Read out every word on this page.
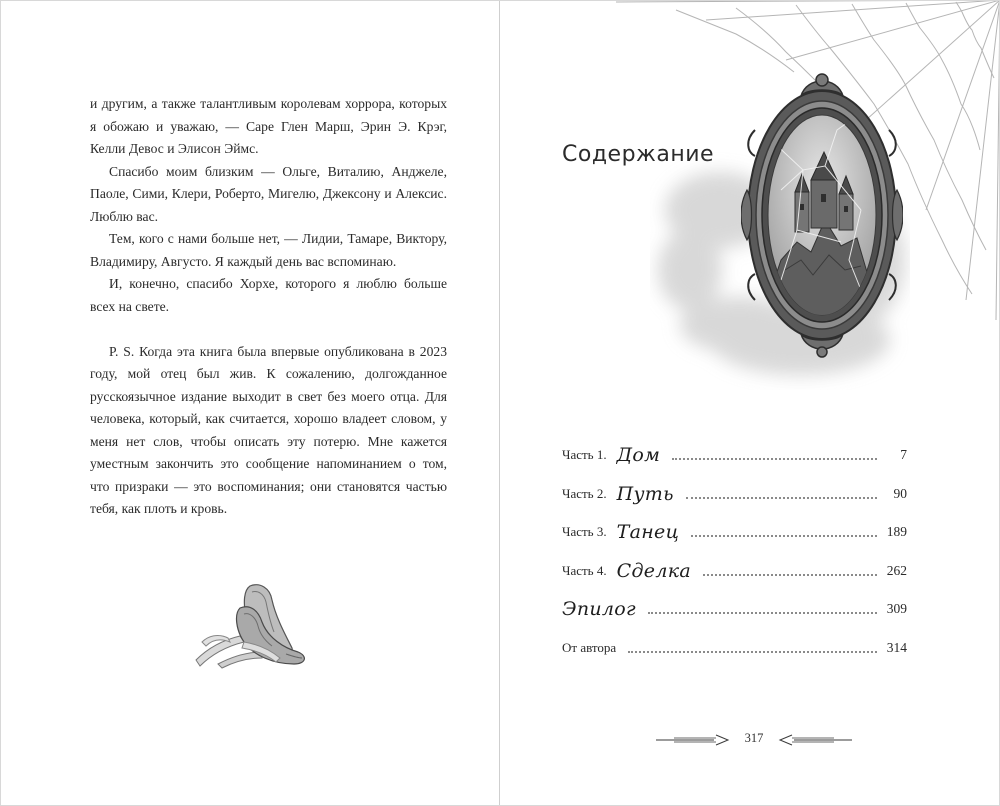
и другим, а также талантливым королевам хоррора, которых я обожаю и уважаю, — Саре Глен Марш, Эрин Э. Крэг, Келли Девос и Элисон Эймс.

Спасибо моим близким — Ольге, Виталию, Анджеле, Паоле, Сими, Клери, Роберто, Мигелю, Джексону и Алексис. Люблю вас.

Тем, кого с нами больше нет, — Лидии, Тамаре, Виктору, Владимиру, Августо. Я каждый день вас вспоминаю.

И, конечно, спасибо Хорхе, которого я люблю больше всех на свете.

P. S. Когда эта книга была впервые опубликована в 2023 году, мой отец был жив. К сожалению, долгожданное русскоязычное издание выходит в свет без моего отца. Для человека, который, как считается, хорошо владеет словом, у меня нет слов, чтобы описать эту потерю. Мне кажется уместным закончить это сообщение напоминанием о том, что призраки — это воспоминания; они становятся частью тебя, как плоть и кровь.

Содержание
Часть 1. Дом	7
Часть 2. Путь	90
Часть 3. Танец	189
Часть 4. Сделка	262
Эпилог	309
От автора	314
317
